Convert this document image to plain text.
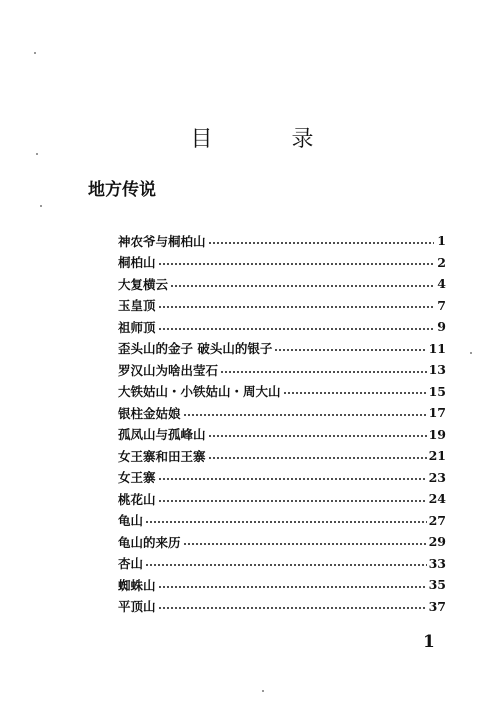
目 录
地方传说
神农爷与桐柏山	1
桐柏山	2
大复横云	4
玉皇顶	7
祖师顶	9
歪头山的金子 破头山的银子	11
罗汉山为啥出莹石	13
大铁姑山・小铁姑山・周大山	15
银柱金姑娘	17
孤凤山与孤峰山	19
女王寨和田王寨	21
女王寨	23
桃花山	24
龟山	27
龟山的来历	29
杏山	33
蜘蛛山	35
平顶山	37
1
